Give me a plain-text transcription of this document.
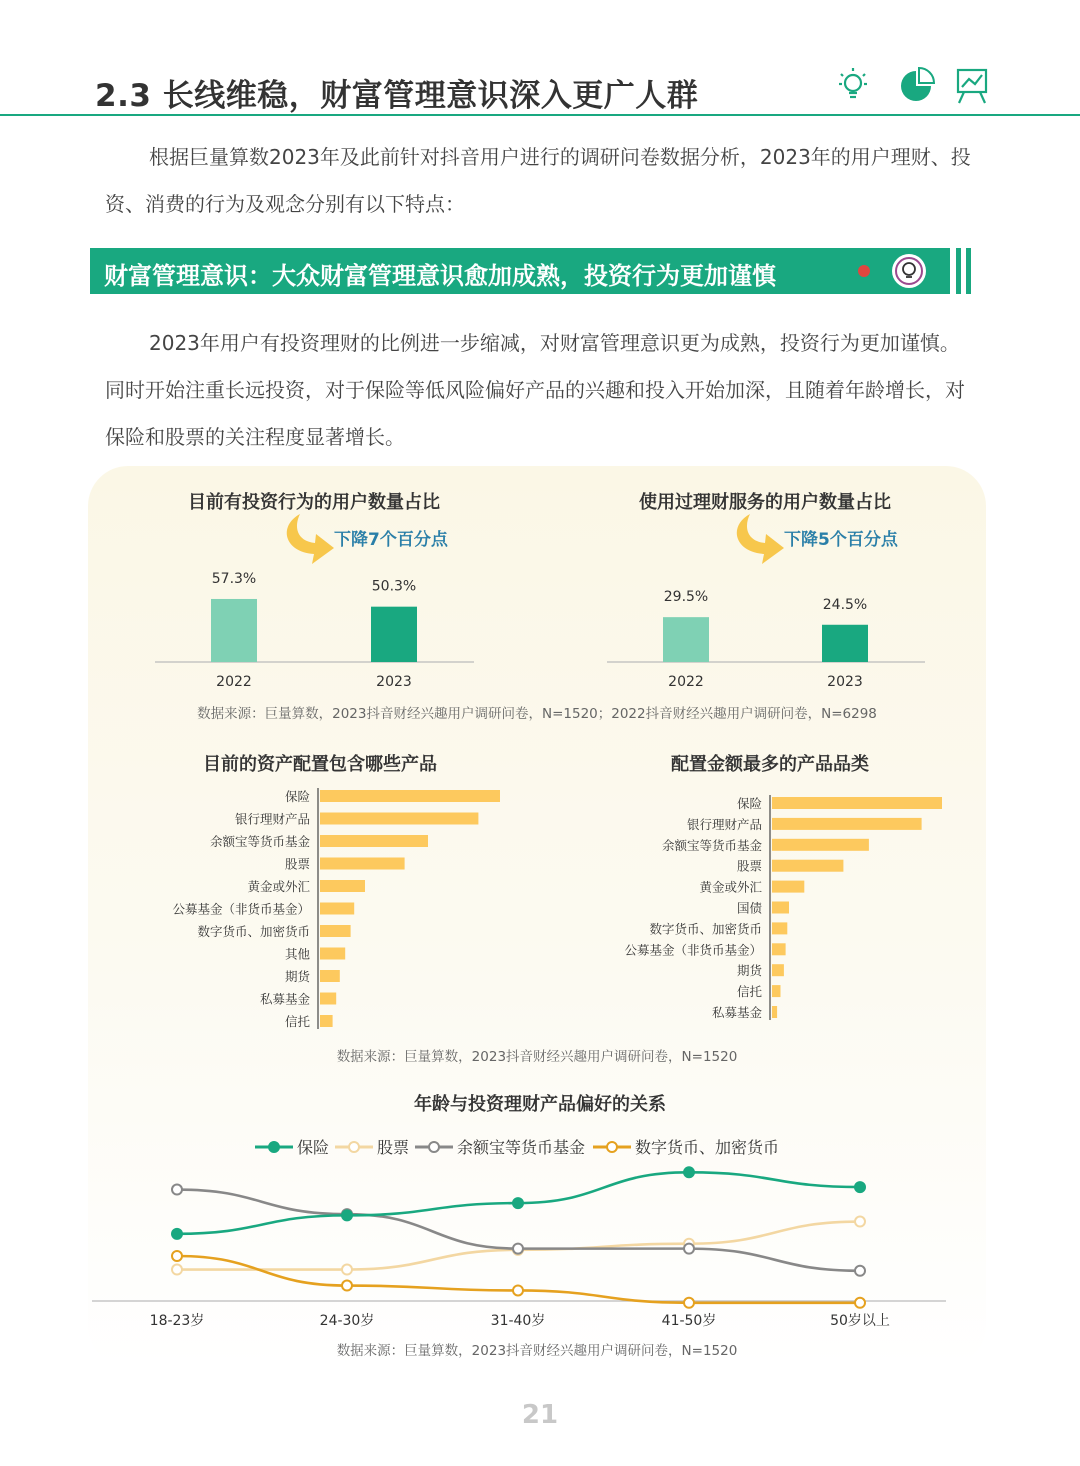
2.3 长线维稳，财富管理意识深入更广人群
根据巨量算数2023年及此前针对抖音用户进行的调研问卷数据分析，2023年的用户理财、投资、消费的行为及观念分别有以下特点：
财富管理意识：大众财富管理意识愈加成熟，投资行为更加谨慎
2023年用户有投资理财的比例进一步缩减，对财富管理意识更为成熟，投资行为更加谨慎。同时开始注重长远投资，对于保险等低风险偏好产品的兴趣和投入开始加深，且随着年龄增长，对保险和股票的关注程度显著增长。
目前有投资行为的用户数量占比
下降7个百分点
57.3%
2022
50.3%
2023
使用过理财服务的用户数量占比
下降5个百分点
29.5%
2022
24.5%
2023
目前的资产配置包含哪些产品
保险
银行理财产品
余额宝等货币基金
股票
黄金或外汇
公募基金（非货币基金）
数字货币、加密货币
其他
期货
私募基金
信托
配置金额最多的产品品类
保险
银行理财产品
余额宝等货币基金
股票
黄金或外汇
国债
数字货币、加密货币
公募基金（非货币基金）
期货
信托
私募基金
年龄与投资理财产品偏好的关系
保险	股票	余额宝等货币基金	数字货币、加密货币
18-23岁	24-30岁	31-40岁	41-50岁	50岁以上
数据来源：巨量算数，2023抖音财经兴趣用户调研问卷，N=1520；2022抖音财经兴趣用户调研问卷，N=6298
数据来源：巨量算数，2023抖音财经兴趣用户调研问卷，N=1520
数据来源：巨量算数，2023抖音财经兴趣用户调研问卷，N=1520
21
